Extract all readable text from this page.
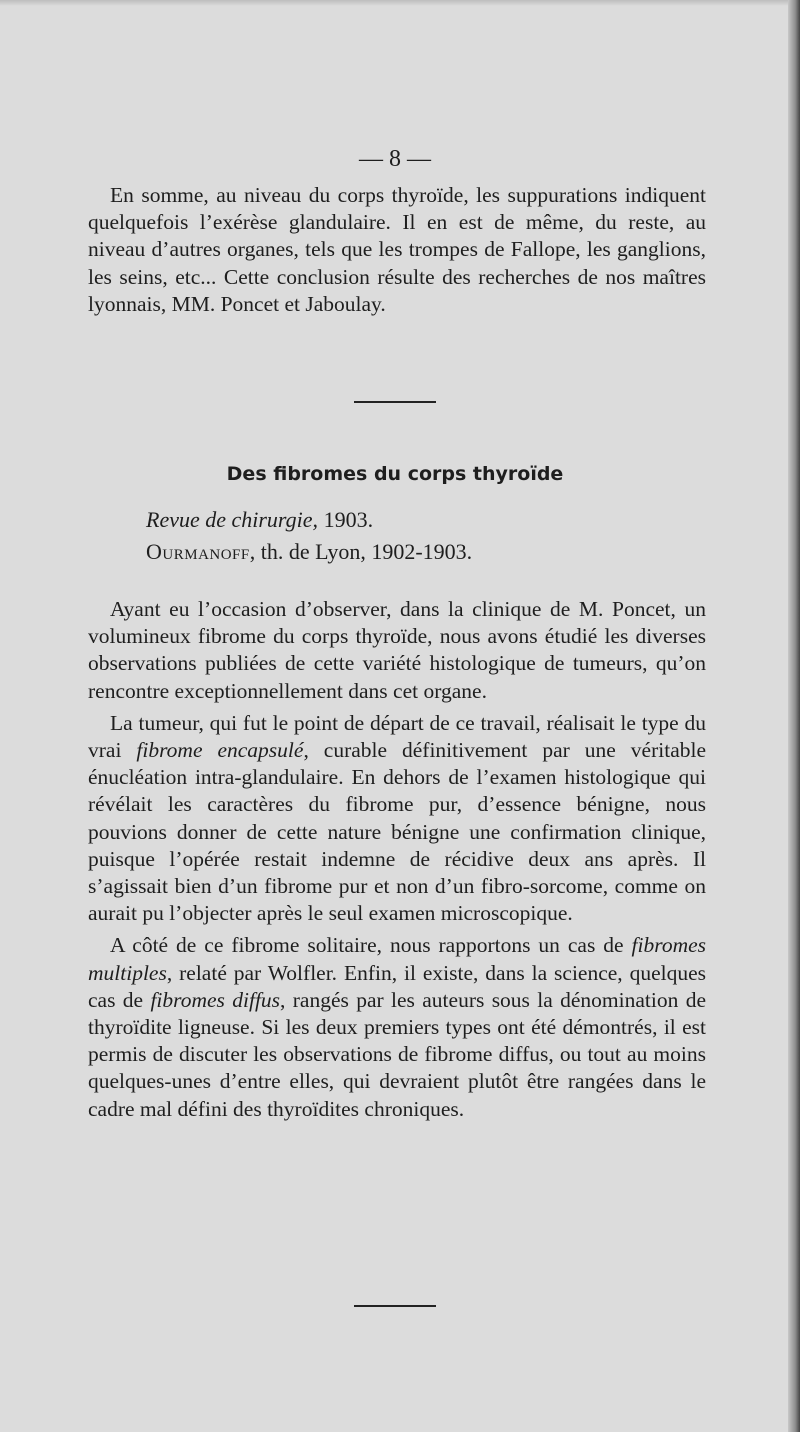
— 8 —

En somme, au niveau du corps thyroïde, les suppurations indiquent quelquefois l’exérèse glandulaire. Il en est de même, du reste, au niveau d’autres organes, tels que les trompes de Fallope, les ganglions, les seins, etc... Cette conclusion résulte des recherches de nos maîtres lyonnais, MM. Poncet et Jaboulay.

Des fibromes du corps thyroïde
Revue de chirurgie, 1903.
Ourmanoff, th. de Lyon, 1902-1903.

Ayant eu l’occasion d’observer, dans la clinique de M. Poncet, un volumineux fibrome du corps thyroïde, nous avons étudié les diverses observations publiées de cette variété histologique de tumeurs, qu’on rencontre exceptionnellement dans cet organe.

La tumeur, qui fut le point de départ de ce travail, réalisait le type du vrai fibrome encapsulé, curable définitivement par une véritable énucléation intra-glandulaire. En dehors de l’examen histologique qui révélait les caractères du fibrome pur, d’essence bénigne, nous pouvions donner de cette nature bénigne une confirmation clinique, puisque l’opérée restait indemne de récidive deux ans après. Il s’agissait bien d’un fibrome pur et non d’un fibro-sorcome, comme on aurait pu l’objecter après le seul examen microscopique.

A côté de ce fibrome solitaire, nous rapportons un cas de fibromes multiples, relaté par Wolfler. Enfin, il existe, dans la science, quelques cas de fibromes diffus, rangés par les auteurs sous la dénomination de thyroïdite ligneuse. Si les deux premiers types ont été démontrés, il est permis de discuter les observations de fibrome diffus, ou tout au moins quelques-unes d’entre elles, qui devraient plutôt être rangées dans le cadre mal défini des thyroïdites chroniques.
